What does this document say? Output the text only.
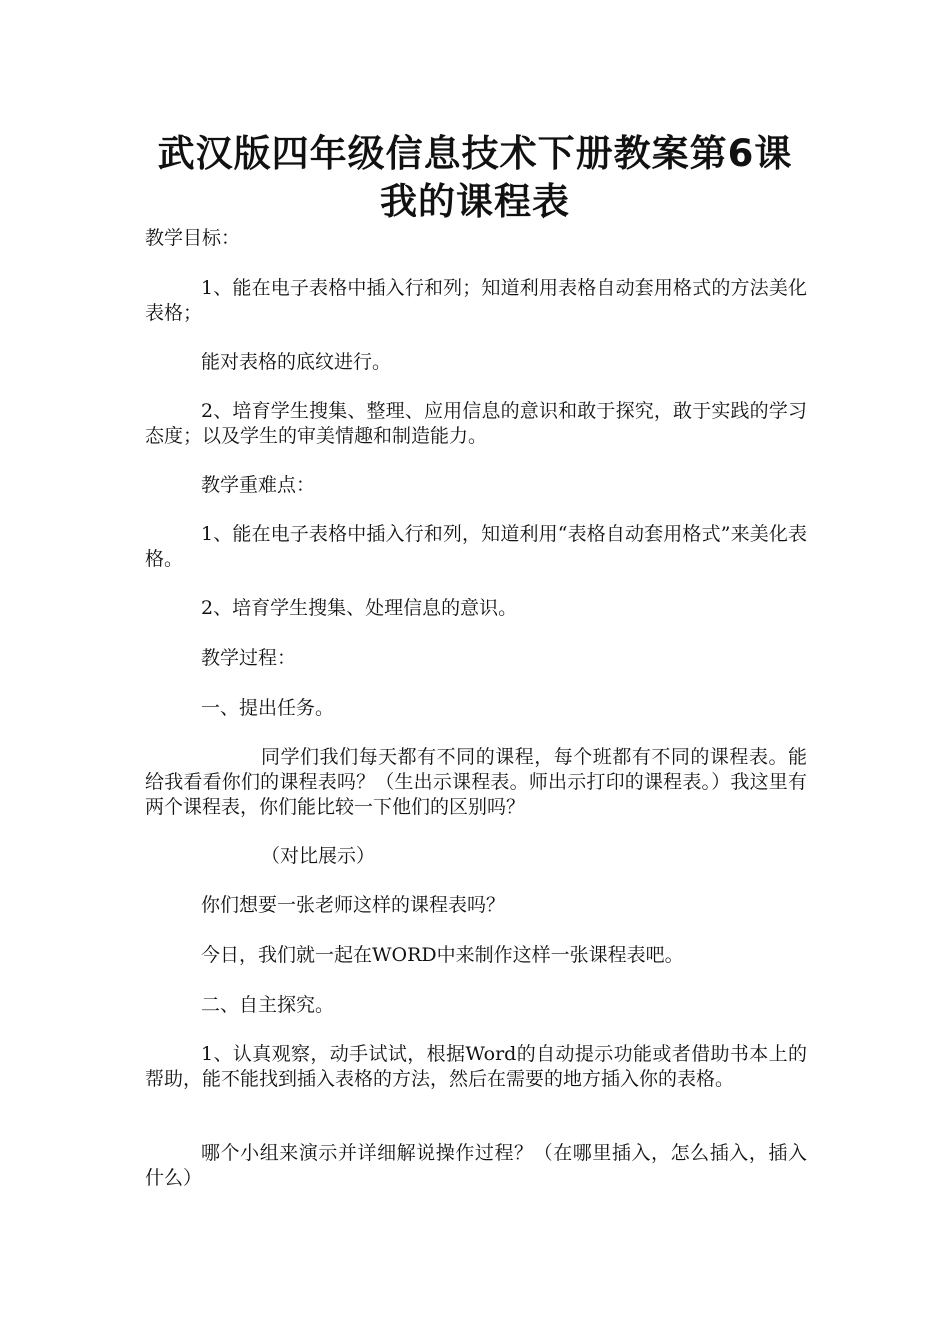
武汉版四年级信息技术下册教案第6课
我的课程表

教学目标：

1、能在电子表格中插入行和列；知道利用表格自动套用格式的方法美化表格；

能对表格的底纹进行。

2、培育学生搜集、整理、应用信息的意识和敢于探究，敢于实践的学习态度；以及学生的审美情趣和制造能力。

教学重难点：

1、能在电子表格中插入行和列，知道利用“表格自动套用格式”来美化表格。

2、培育学生搜集、处理信息的意识。

教学过程：

一、提出任务。

同学们我们每天都有不同的课程，每个班都有不同的课程表。能给我看看你们的课程表吗？（生出示课程表。师出示打印的课程表。）我这里有两个课程表，你们能比较一下他们的区别吗？

（对比展示）

你们想要一张老师这样的课程表吗？

今日，我们就一起在WORD中来制作这样一张课程表吧。

二、自主探究。

1、认真观察，动手试试，根据Word的自动提示功能或者借助书本上的帮助，能不能找到插入表格的方法，然后在需要的地方插入你的表格。

哪个小组来演示并详细解说操作过程？（在哪里插入，怎么插入，插入什么）
